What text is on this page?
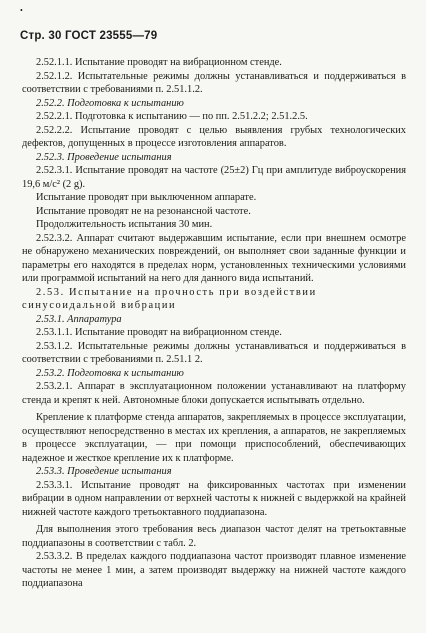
•
Стр. 30 ГОСТ 23555—79

2.52.1.1. Испытание проводят на вибрационном стенде.

2.52.1.2. Испытательные режимы должны устанавливаться и поддерживаться в соответствии с требованиями п. 2.51.1.2.

2.52.2. Подготовка к испытанию

2.52.2.1. Подготовка к испытанию — по пп. 2.51.2.2; 2.51.2.5.

2.52.2.2. Испытание проводят с целью выявления грубых технологических дефектов, допущенных в процессе изготовления аппаратов.

2.52.3. Проведение испытания

2.52.3.1. Испытание проводят на частоте (25±2) Гц при амплитуде виброускорения 19,6 м/с² (2 g).

Испытание проводят при выключенном аппарате.

Испытание проводят не на резонансной частоте.

Продолжительность испытания 30 мин.

2.52.3.2. Аппарат считают выдержавшим испытание, если при внешнем осмотре не обнаружено механических повреждений, он выполняет свои заданные функции и параметры его находятся в пределах норм, установленных техническими условиями или программой испытаний на него для данного вида испытаний.

2.53. Испытание на прочность при воздействии синусоидальной вибрации

2.53.1. Аппаратура

2.53.1.1. Испытание проводят на вибрационном стенде.

2.53.1.2. Испытательные режимы должны устанавливаться и поддерживаться в соответствии с требованиями п. 2.51.1 2.

2.53.2. Подготовка к испытанию

2.53.2.1. Аппарат в эксплуатационном положении устанавливают на платформу стенда и крепят к ней. Автономные блоки допускается испытывать отдельно.

Крепление к платформе стенда аппаратов, закрепляемых в процессе эксплуатации, осуществляют непосредственно в местах их крепления, а аппаратов, не закрепляемых в процессе эксплуатации, — при помощи приспособлений, обеспечивающих надежное и жесткое крепление их к платформе.

2.53.3. Проведение испытания

2.53.3.1. Испытание проводят на фиксированных частотах при изменении вибрации в одном направлении от верхней частоты к нижней с выдержкой на крайней нижней частоте каждого третьоктавного поддиапазона.

Для выполнения этого требования весь диапазон частот делят на третьоктавные поддиапазоны в соответствии с табл. 2.

2.53.3.2. В пределах каждого поддиапазона частот производят плавное изменение частоты не менее 1 мин, а затем производят выдержку на нижней частоте каждого поддиапазона
